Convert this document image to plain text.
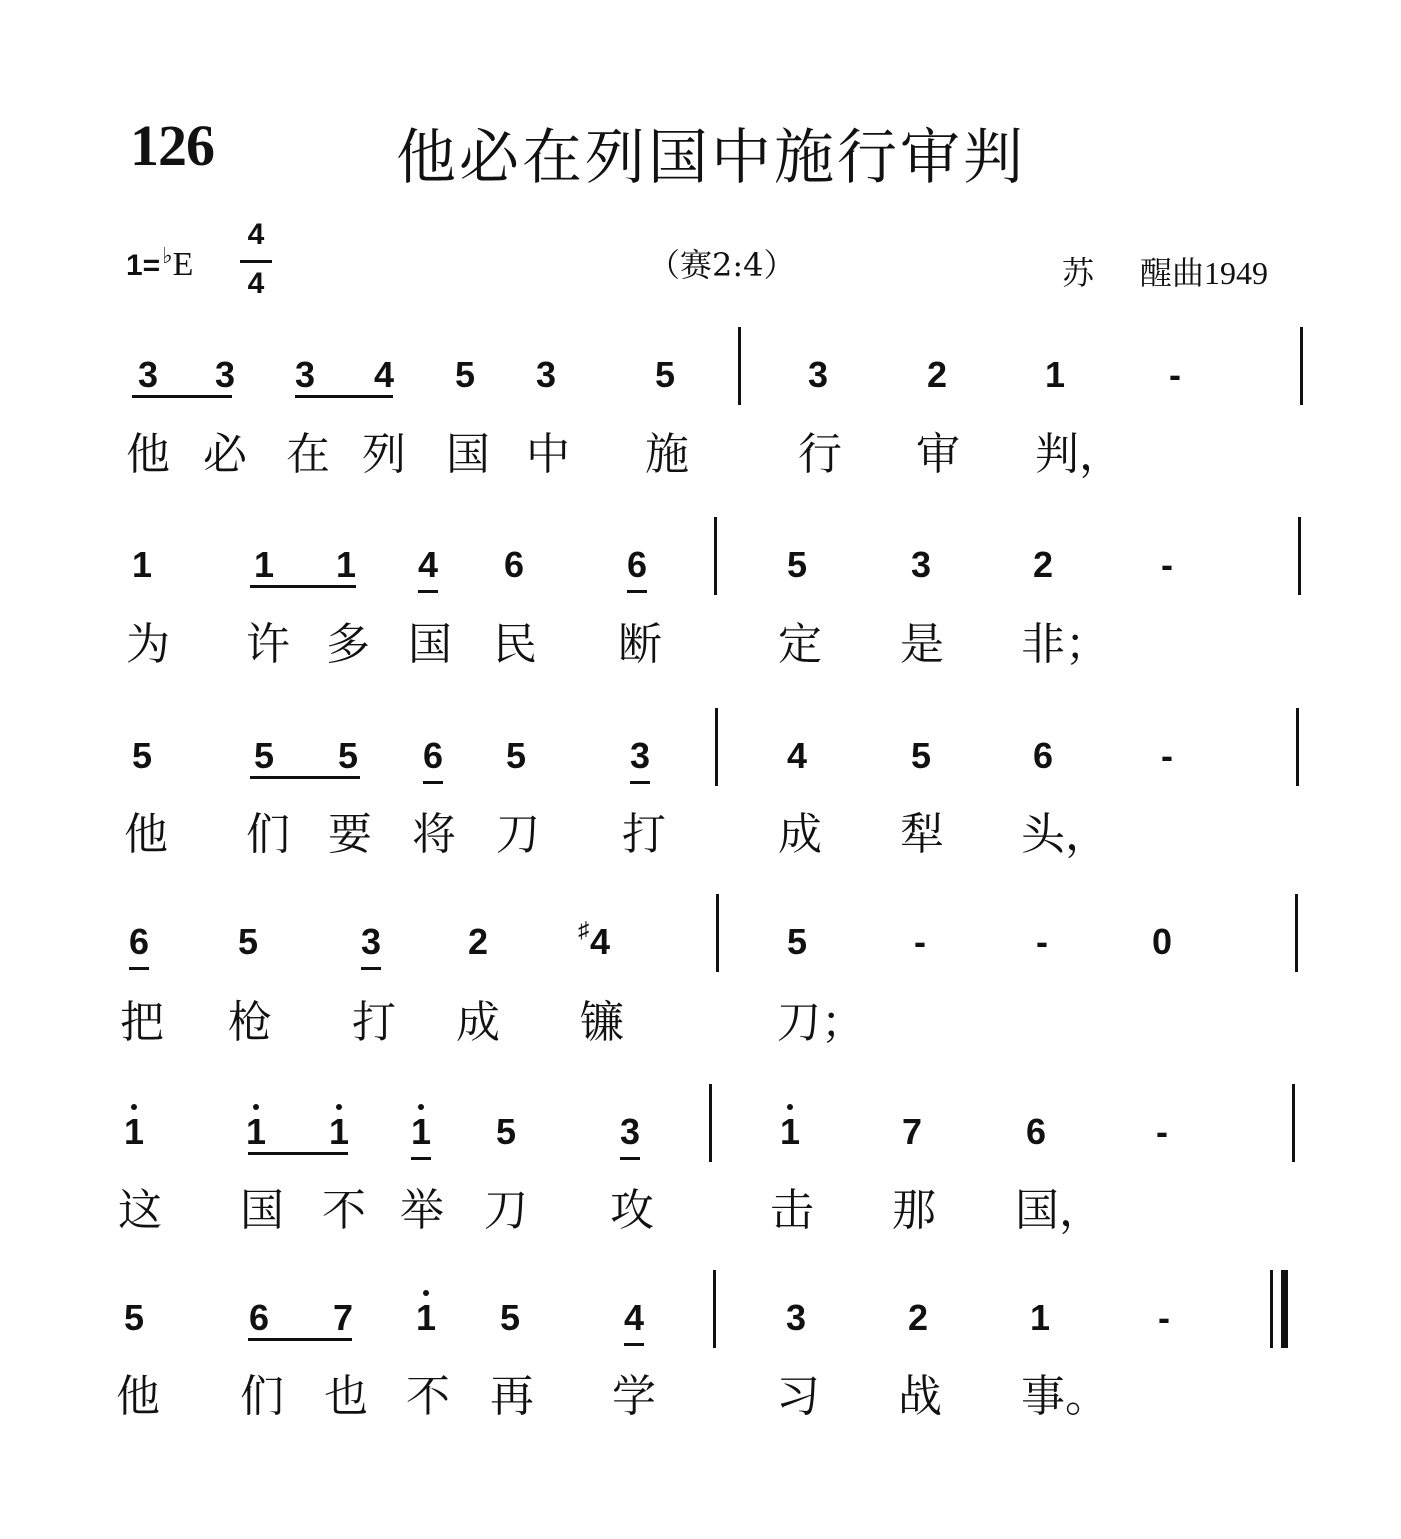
126	他必在列国中施行审判
1=♭E
4
4	（赛2:4）	苏 醒曲1949
3 3 3 4 5 3	5	3	2	1	-
他 必 在 列 国 中 施 行 审 判，
1	1 1 4 6	6	5	3	2	-
为 许 多 国 民 断	定 是 非；
5	5 5 6 5	3	4	5	6	-
他 们 要 将 刀 打	成 犁 头，
6 5	3 2	4
♯	5	-	-	0
把 枪 打 成 镰	刀；
1	1 1 1 5	3	1	7	6	-
这 国 不 举 刀 攻	击 那 国，
5	6 7 1 5	4	3	2	1	-
他 们 也 不 再 学	习 战 事。
